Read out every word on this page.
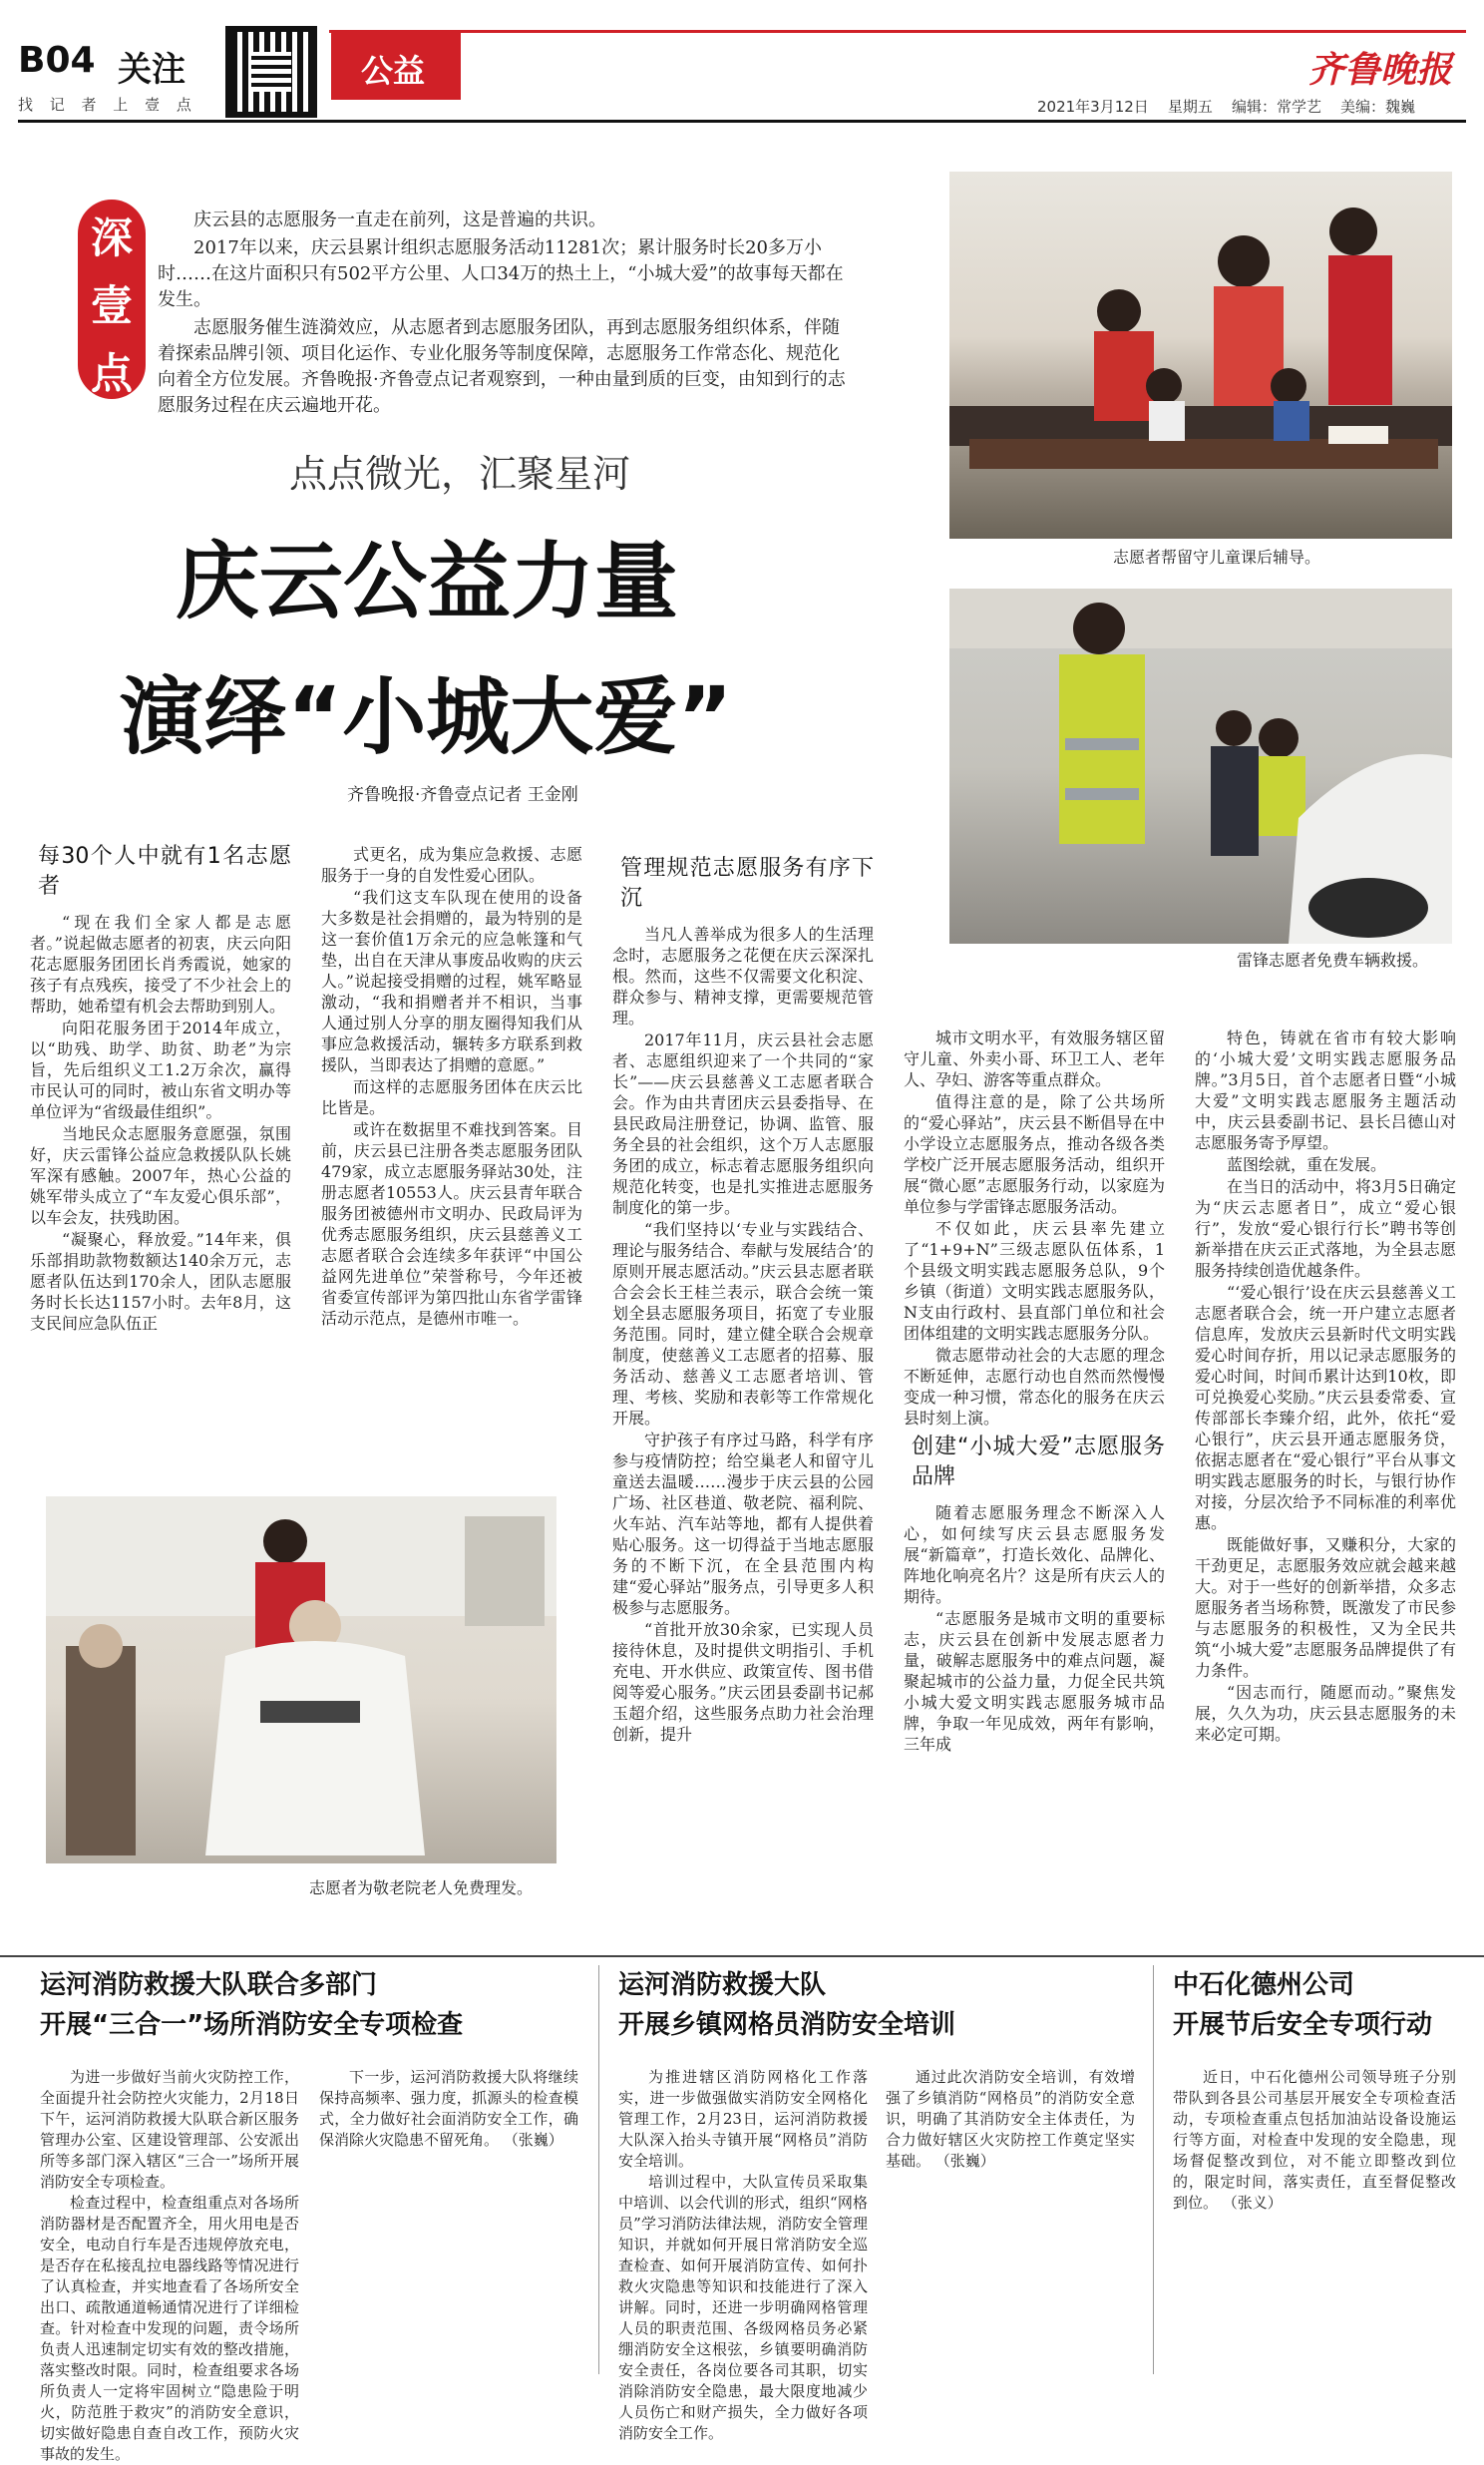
B04 关注
找 记 者 上 壹 点
公益	齐鲁晚报
2021年3月12日    星期五    编辑：常学艺    美编：魏巍
深
壹
点

庆云县的志愿服务一直走在前列，这是普遍的共识。

2017年以来，庆云县累计组织志愿服务活动11281次；累计服务时长20多万小时……在这片面积只有502平方公里、人口34万的热土上，“小城大爱”的故事每天都在发生。

志愿服务催生涟漪效应，从志愿者到志愿服务团队，再到志愿服务组织体系，伴随着探索品牌引领、项目化运作、专业化服务等制度保障，志愿服务工作常态化、规范化向着全方位发展。齐鲁晚报·齐鲁壹点记者观察到，一种由量到质的巨变，由知到行的志愿服务过程在庆云遍地开花。

志愿者帮留守儿童课后辅导。
雷锋志愿者免费车辆救援。
志愿者为敬老院老人免费理发。
点点微光，汇聚星河
庆云公益力量
演绎“小城大爱”
齐鲁晚报·齐鲁壹点记者 王金刚
每30个人中就有1名志愿者

“现在我们全家人都是志愿者。”说起做志愿者的初衷，庆云向阳花志愿服务团团长肖秀霞说，她家的孩子有点残疾，接受了不少社会上的帮助，她希望有机会去帮助到别人。

向阳花服务团于2014年成立，以“助残、助学、助贫、助老”为宗旨，先后组织义工1.2万余次，赢得市民认可的同时，被山东省文明办等单位评为“省级最佳组织”。

当地民众志愿服务意愿强，氛围好，庆云雷锋公益应急救援队队长姚军深有感触。2007年，热心公益的姚军带头成立了“车友爱心俱乐部”，以车会友，扶残助困。

“凝聚心，释放爱。”14年来，俱乐部捐助款物数额达140余万元，志愿者队伍达到170余人，团队志愿服务时长长达1157小时。去年8月，这支民间应急队伍正

式更名，成为集应急救援、志愿服务于一身的自发性爱心团队。

“我们这支车队现在使用的设备大多数是社会捐赠的，最为特别的是这一套价值1万余元的应急帐篷和气垫，出自在天津从事废品收购的庆云人。”说起接受捐赠的过程，姚军略显激动，“我和捐赠者并不相识，当事人通过别人分享的朋友圈得知我们从事应急救援活动，辗转多方联系到救援队，当即表达了捐赠的意愿。”

而这样的志愿服务团体在庆云比比皆是。

或许在数据里不难找到答案。目前，庆云县已注册各类志愿服务团队479家，成立志愿服务驿站30处，注册志愿者10553人。庆云县青年联合服务团被德州市文明办、民政局评为优秀志愿服务组织，庆云县慈善义工志愿者联合会连续多年获评“中国公益网先进单位”荣誉称号，今年还被省委宣传部评为第四批山东省学雷锋活动示范点，是德州市唯一。

管理规范志愿服务有序下沉

当凡人善举成为很多人的生活理念时，志愿服务之花便在庆云深深扎根。然而，这些不仅需要文化积淀、群众参与、精神支撑，更需要规范管理。

2017年11月，庆云县社会志愿者、志愿组织迎来了一个共同的“家长”——庆云县慈善义工志愿者联合会。作为由共青团庆云县委指导、在县民政局注册登记，协调、监管、服务全县的社会组织，这个万人志愿服务团的成立，标志着志愿服务组织向规范化转变，也是扎实推进志愿服务制度化的第一步。

“我们坚持以‘专业与实践结合、理论与服务结合、奉献与发展结合’的原则开展志愿活动。”庆云县志愿者联合会会长王桂兰表示，联合会统一策划全县志愿服务项目，拓宽了专业服务范围。同时，建立健全联合会规章制度，使慈善义工志愿者的招募、服务活动、慈善义工志愿者培训、管理、考核、奖励和表彰等工作常规化开展。

守护孩子有序过马路，科学有序参与疫情防控；给空巢老人和留守儿童送去温暖……漫步于庆云县的公园广场、社区巷道、敬老院、福利院、火车站、汽车站等地，都有人提供着贴心服务。这一切得益于当地志愿服务的不断下沉，在全县范围内构建“爱心驿站”服务点，引导更多人积极参与志愿服务。

“首批开放30余家，已实现人员接待休息，及时提供文明指引、手机充电、开水供应、政策宣传、图书借阅等爱心服务。”庆云团县委副书记郝玉超介绍，这些服务点助力社会治理创新，提升

城市文明水平，有效服务辖区留守儿童、外卖小哥、环卫工人、老年人、孕妇、游客等重点群众。

值得注意的是，除了公共场所的“爱心驿站”，庆云县不断倡导在中小学设立志愿服务点，推动各级各类学校广泛开展志愿服务活动，组织开展“微心愿”志愿服务行动，以家庭为单位参与学雷锋志愿服务活动。

不仅如此，庆云县率先建立了“1+9+N”三级志愿队伍体系，1个县级文明实践志愿服务总队，9个乡镇（街道）文明实践志愿服务队，N支由行政村、县直部门单位和社会团体组建的文明实践志愿服务分队。

微志愿带动社会的大志愿的理念不断延伸，志愿行动也自然而然慢慢变成一种习惯，常态化的服务在庆云县时刻上演。

创建“小城大爱”志愿服务品牌

随着志愿服务理念不断深入人心，如何续写庆云县志愿服务发展“新篇章”，打造长效化、品牌化、阵地化响亮名片？这是所有庆云人的期待。

“志愿服务是城市文明的重要标志，庆云县在创新中发展志愿者力量，破解志愿服务中的难点问题，凝聚起城市的公益力量，力促全民共筑小城大爱文明实践志愿服务城市品牌，争取一年见成效，两年有影响，三年成

特色，铸就在省市有较大影响的‘小城大爱’文明实践志愿服务品牌。”3月5日，首个志愿者日暨“小城大爱”文明实践志愿服务主题活动中，庆云县委副书记、县长吕德山对志愿服务寄予厚望。

蓝图绘就，重在发展。

在当日的活动中，将3月5日确定为“庆云志愿者日”，成立“爱心银行”，发放“爱心银行行长”聘书等创新举措在庆云正式落地，为全县志愿服务持续创造优越条件。

“‘爱心银行’设在庆云县慈善义工志愿者联合会，统一开户建立志愿者信息库，发放庆云县新时代文明实践爱心时间存折，用以记录志愿服务的爱心时间，时间币累计达到10枚，即可兑换爱心奖励。”庆云县委常委、宣传部部长李臻介绍，此外，依托“爱心银行”，庆云县开通志愿服务贷，依据志愿者在“爱心银行”平台从事文明实践志愿服务的时长，与银行协作对接，分层次给予不同标准的利率优惠。

既能做好事，又赚积分，大家的干劲更足，志愿服务效应就会越来越大。对于一些好的创新举措，众多志愿服务者当场称赞，既激发了市民参与志愿服务的积极性，又为全民共筑“小城大爱”志愿服务品牌提供了有力条件。

“因志而行，随愿而动。”聚焦发展，久久为功，庆云县志愿服务的未来必定可期。

运河消防救援大队联合多部门
开展“三合一”场所消防安全专项检查

为进一步做好当前火灾防控工作，全面提升社会防控火灾能力，2月18日下午，运河消防救援大队联合新区服务管理办公室、区建设管理部、公安派出所等多部门深入辖区“三合一”场所开展消防安全专项检查。

检查过程中，检查组重点对各场所消防器材是否配置齐全，用火用电是否安全，电动自行车是否违规停放充电，是否存在私接乱拉电器线路等情况进行了认真检查，并实地查看了各场所安全出口、疏散通道畅通情况进行了详细检查。针对检查中发现的问题，责令场所负责人迅速制定切实有效的整改措施，落实整改时限。同时，检查组要求各场所负责人一定将牢固树立“隐患险于明火，防范胜于救灾”的消防安全意识，切实做好隐患自查自改工作，预防火灾事故的发生。

下一步，运河消防救援大队将继续保持高频率、强力度，抓源头的检查模式，全力做好社会面消防安全工作，确保消除火灾隐患不留死角。 （张巍）

运河消防救援大队
开展乡镇网格员消防安全培训

为推进辖区消防网格化工作落实，进一步做强做实消防安全网格化管理工作，2月23日，运河消防救援大队深入抬头寺镇开展“网格员”消防安全培训。

培训过程中，大队宣传员采取集中培训、以会代训的形式，组织“网格员”学习消防法律法规，消防安全管理知识，并就如何开展日常消防安全巡查检查、如何开展消防宣传、如何扑救火灾隐患等知识和技能进行了深入讲解。同时，还进一步明确网格管理人员的职责范围、各级网格员务必紧绷消防安全这根弦，乡镇要明确消防安全责任，各岗位要各司其职，切实消除消防安全隐患，最大限度地减少人员伤亡和财产损失，全力做好各项消防安全工作。

通过此次消防安全培训，有效增强了乡镇消防“网格员”的消防安全意识，明确了其消防安全主体责任，为合力做好辖区火灾防控工作奠定坚实基础。 （张巍）

中石化德州公司
开展节后安全专项行动

近日，中石化德州公司领导班子分别带队到各县公司基层开展安全专项检查活动，专项检查重点包括加油站设备设施运行等方面，对检查中发现的安全隐患，现场督促整改到位，对不能立即整改到位的，限定时间，落实责任，直至督促整改到位。 （张义）
